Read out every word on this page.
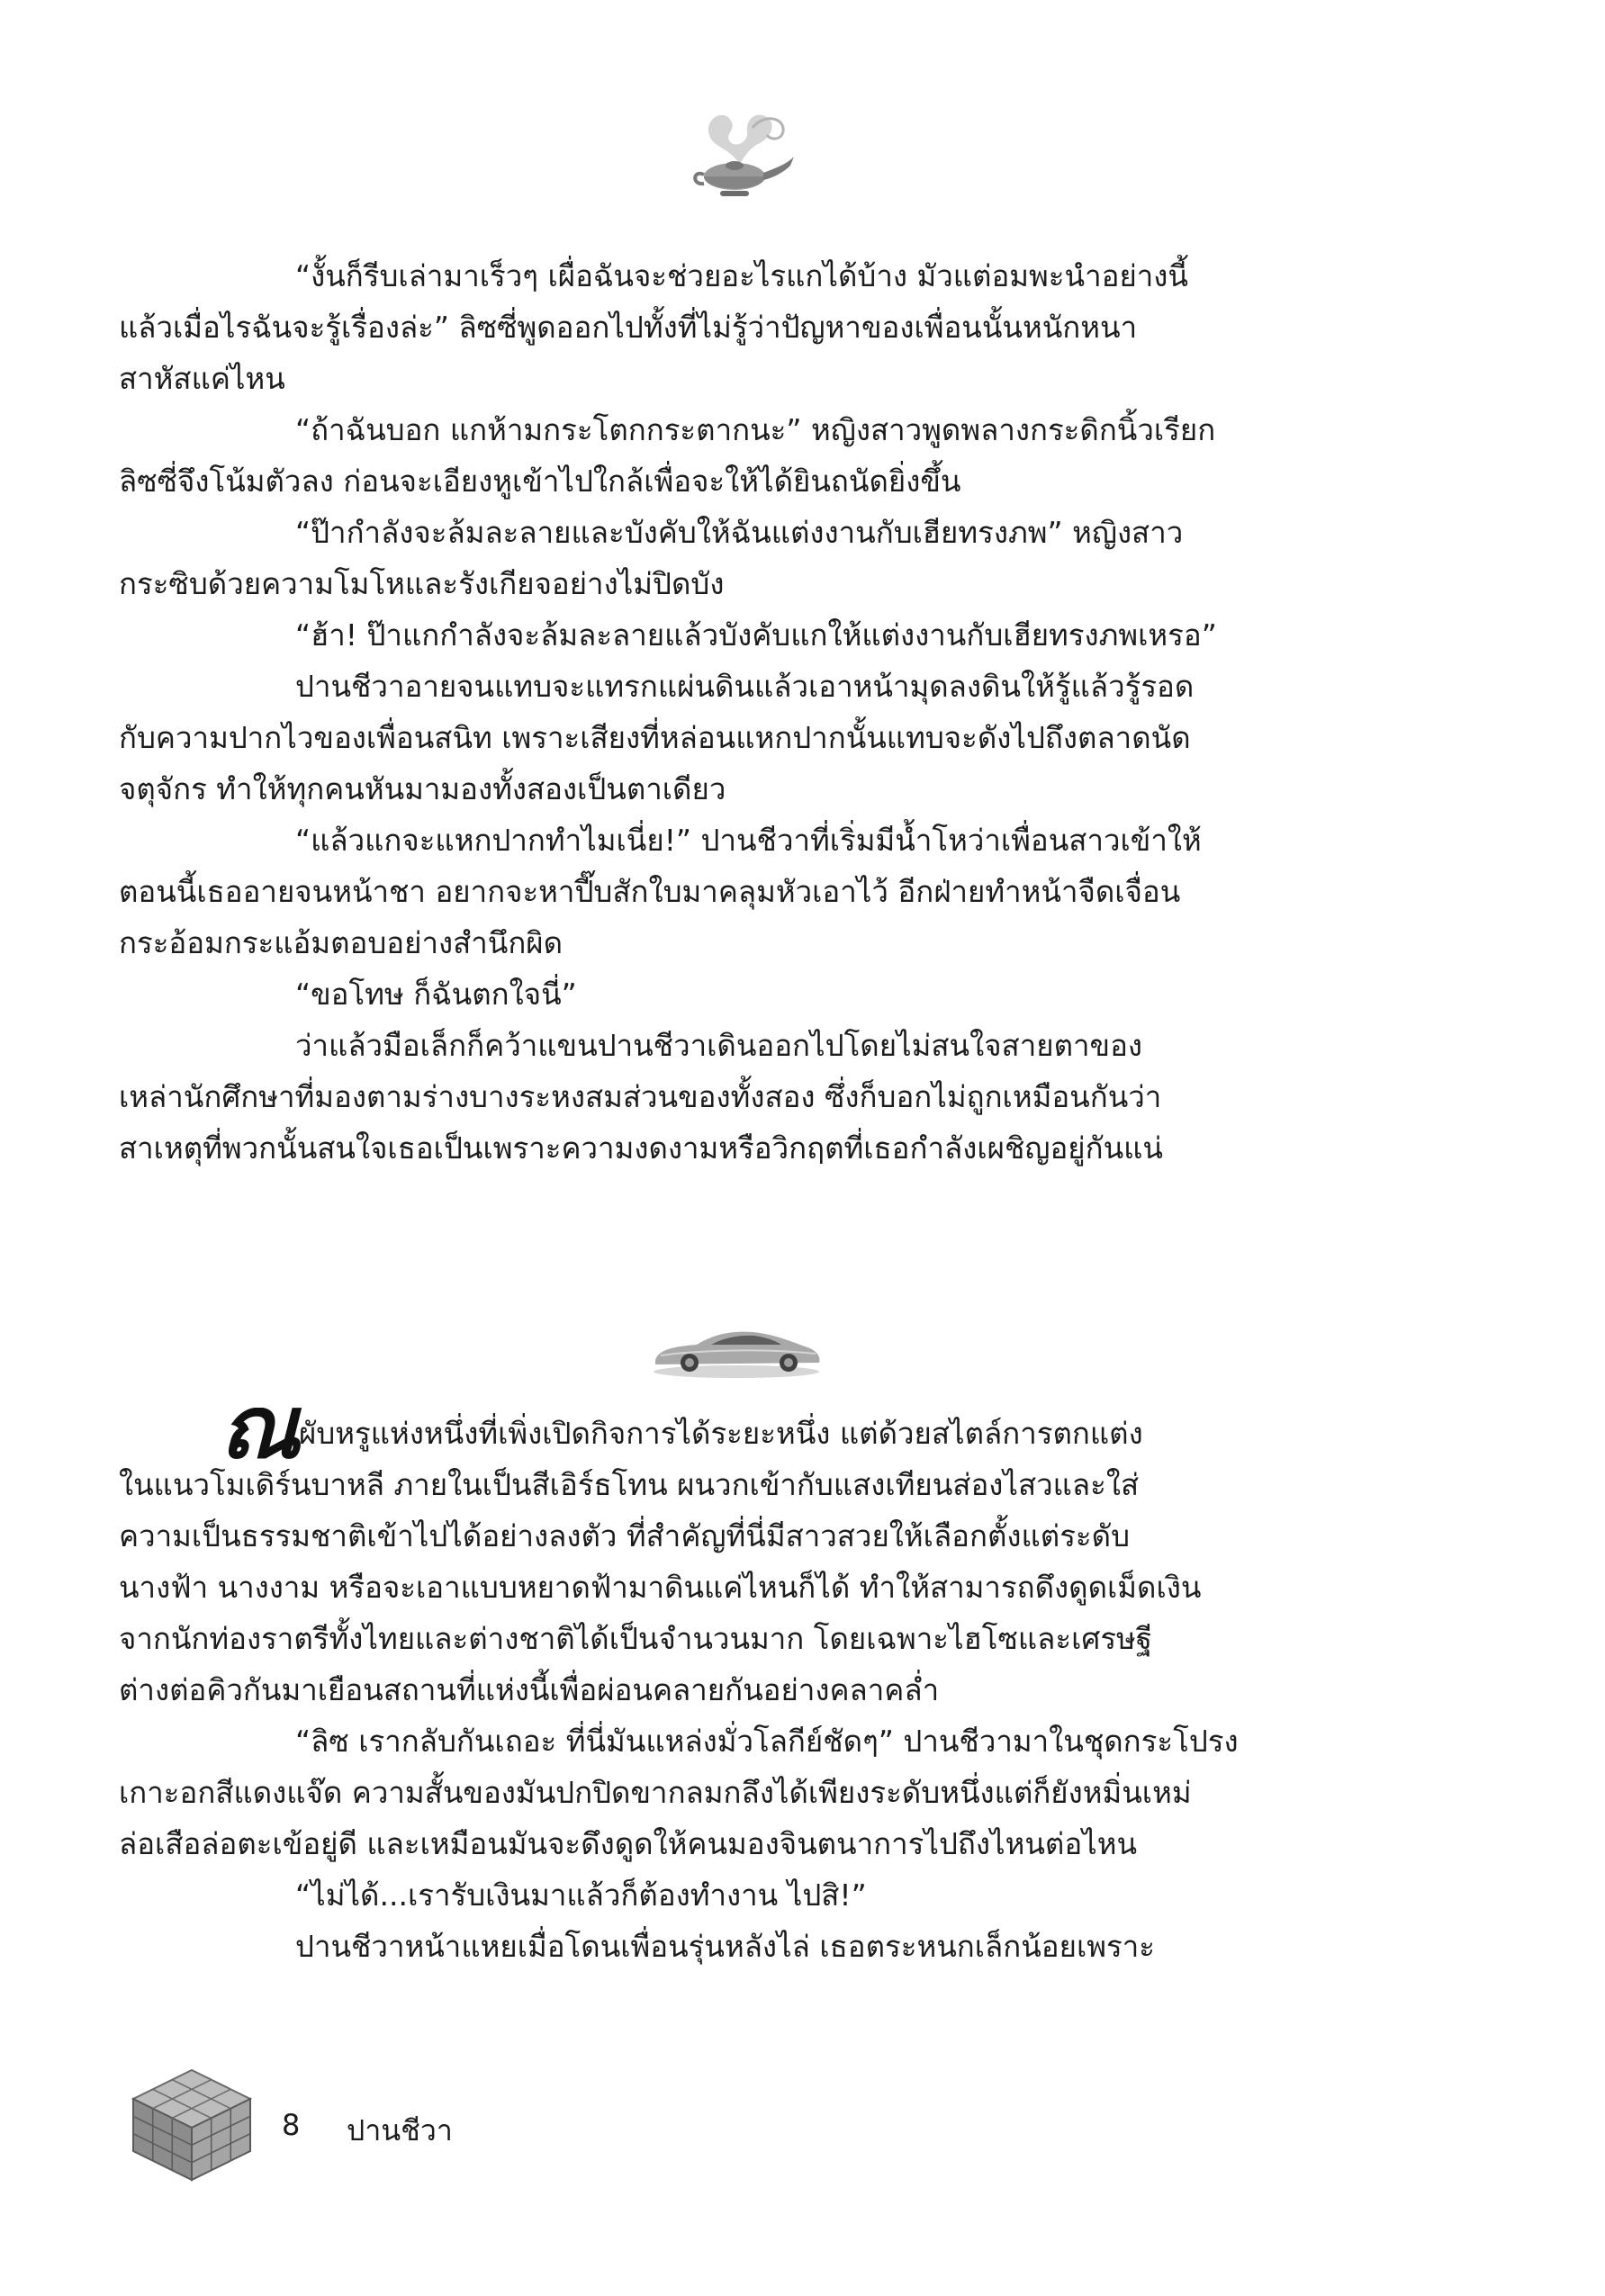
“งั้นก็รีบเล่ามาเร็วๆ เผื่อฉันจะช่วยอะไรแกได้บ้าง มัวแต่อมพะนำอย่างนี้
แล้วเมื่อไรฉันจะรู้เรื่องล่ะ” ลิซซี่พูดออกไปทั้งที่ไม่รู้ว่าปัญหาของเพื่อนนั้นหนักหนา
สาหัสแค่ไหน
“ถ้าฉันบอก แกห้ามกระโตกกระตากนะ” หญิงสาวพูดพลางกระดิกนิ้วเรียก
ลิซซี่จึงโน้มตัวลง ก่อนจะเอียงหูเข้าไปใกล้เพื่อจะให้ได้ยินถนัดยิ่งขึ้น
“ป๊ากำลังจะล้มละลายและบังคับให้ฉันแต่งงานกับเฮียทรงภพ” หญิงสาว
กระซิบด้วยความโมโหและรังเกียจอย่างไม่ปิดบัง
“ฮ้า! ป๊าแกกำลังจะล้มละลายแล้วบังคับแกให้แต่งงานกับเฮียทรงภพเหรอ”
ปานชีวาอายจนแทบจะแทรกแผ่นดินแล้วเอาหน้ามุดลงดินให้รู้แล้วรู้รอด
กับความปากไวของเพื่อนสนิท เพราะเสียงที่หล่อนแหกปากนั้นแทบจะดังไปถึงตลาดนัด
จตุจักร ทำให้ทุกคนหันมามองทั้งสองเป็นตาเดียว
“แล้วแกจะแหกปากทำไมเนี่ย!” ปานชีวาที่เริ่มมีน้ำโหว่าเพื่อนสาวเข้าให้
ตอนนี้เธออายจนหน้าชา อยากจะหาปี๊บสักใบมาคลุมหัวเอาไว้ อีกฝ่ายทำหน้าจืดเจื่อน
กระอ้อมกระแอ้มตอบอย่างสำนึกผิด
“ขอโทษ ก็ฉันตกใจนี่”
ว่าแล้วมือเล็กก็คว้าแขนปานชีวาเดินออกไปโดยไม่สนใจสายตาของ
เหล่านักศึกษาที่มองตามร่างบางระหงสมส่วนของทั้งสอง ซึ่งก็บอกไม่ถูกเหมือนกันว่า
สาเหตุที่พวกนั้นสนใจเธอเป็นเพราะความงดงามหรือวิกฤตที่เธอกำลังเผชิญอยู่กันแน่
ณ
ผับหรูแห่งหนึ่งที่เพิ่งเปิดกิจการได้ระยะหนึ่ง แต่ด้วยสไตล์การตกแต่ง
ในแนวโมเดิร์นบาหลี ภายในเป็นสีเอิร์ธโทน ผนวกเข้ากับแสงเทียนส่องไสวและใส่
ความเป็นธรรมชาติเข้าไปได้อย่างลงตัว ที่สำคัญที่นี่มีสาวสวยให้เลือกตั้งแต่ระดับ
นางฟ้า นางงาม หรือจะเอาแบบหยาดฟ้ามาดินแค่ไหนก็ได้ ทำให้สามารถดึงดูดเม็ดเงิน
จากนักท่องราตรีทั้งไทยและต่างชาติได้เป็นจำนวนมาก โดยเฉพาะไฮโซและเศรษฐี
ต่างต่อคิวกันมาเยือนสถานที่แห่งนี้เพื่อผ่อนคลายกันอย่างคลาคล่ำ
“ลิซ เรากลับกันเถอะ ที่นี่มันแหล่งมั่วโลกีย์ชัดๆ” ปานชีวามาในชุดกระโปรง
เกาะอกสีแดงแจ๊ด ความสั้นของมันปกปิดขากลมกลึงได้เพียงระดับหนึ่งแต่ก็ยังหมิ่นเหม่
ล่อเสือล่อตะเข้อยู่ดี และเหมือนมันจะดึงดูดให้คนมองจินตนาการไปถึงไหนต่อไหน
“ไม่ได้...เรารับเงินมาแล้วก็ต้องทำงาน ไปสิ!”
ปานชีวาหน้าแหยเมื่อโดนเพื่อนรุ่นหลังไล่ เธอตระหนกเล็กน้อยเพราะ
8 ปานชีวา
